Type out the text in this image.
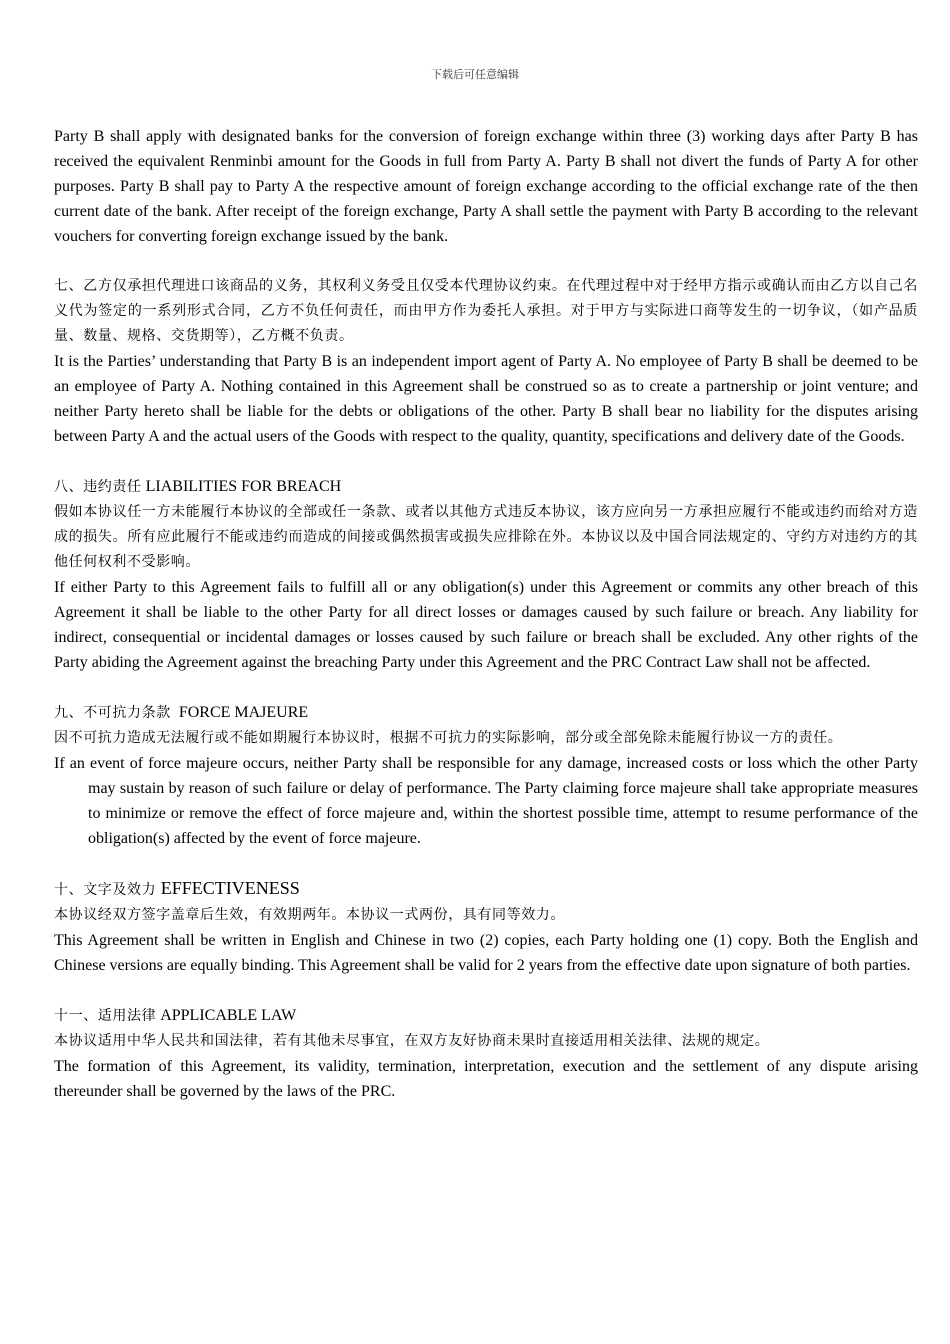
下载后可任意编辑

Party B shall apply with designated banks for the conversion of foreign exchange within three (3) working days after Party B has received the equivalent Renminbi amount for the Goods in full from Party A. Party B shall not divert the funds of Party A for other purposes. Party B shall pay to Party A the respective amount of foreign exchange according to the official exchange rate of the then current date of the bank. After receipt of the foreign exchange, Party A shall settle the payment with Party B according to the relevant vouchers for converting foreign exchange issued by the bank.

七、乙方仅承担代理进口该商品的义务，其权利义务受且仅受本代理协议约束。在代理过程中对于经甲方指示或确认而由乙方以自己名义代为签定的一系列形式合同，乙方不负任何责任，而由甲方作为委托人承担。对于甲方与实际进口商等发生的一切争议，（如产品质量、数量、规格、交货期等），乙方概不负责。

It is the Parties’ understanding that Party B is an independent import agent of Party A. No employee of Party B shall be deemed to be an employee of Party A. Nothing contained in this Agreement shall be construed so as to create a partnership or joint venture; and neither Party hereto shall be liable for the debts or obligations of the other. Party B shall bear no liability for the disputes arising between Party A and the actual users of the Goods with respect to the quality, quantity, specifications and delivery date of the Goods.

八、违约责任 LIABILITIES FOR BREACH

假如本协议任一方未能履行本协议的全部或任一条款、或者以其他方式违反本协议，该方应向另一方承担应履行不能或违约而给对方造成的损失。所有应此履行不能或违约而造成的间接或偶然损害或损失应排除在外。本协议以及中国合同法规定的、守约方对违约方的其他任何权利不受影响。

If either Party to this Agreement fails to fulfill all or any obligation(s) under this Agreement or commits any other breach of this Agreement it shall be liable to the other Party for all direct losses or damages caused by such failure or breach. Any liability for indirect, consequential or incidental damages or losses caused by such failure or breach shall be excluded. Any other rights of the Party abiding the Agreement against the breaching Party under this Agreement and the PRC Contract Law shall not be affected.

九、不可抗力条款  FORCE MAJEURE

因不可抗力造成无法履行或不能如期履行本协议时，根据不可抗力的实际影响，部分或全部免除未能履行协议一方的责任。

If an event of force majeure occurs, neither Party shall be responsible for any damage, increased costs or loss which the other Party may sustain by reason of such failure or delay of performance. The Party claiming force majeure shall take appropriate measures to minimize or remove the effect of force majeure and, within the shortest possible time, attempt to resume performance of the obligation(s) affected by the event of force majeure.

十、文字及效力 EFFECTIVENESS

本协议经双方签字盖章后生效，有效期两年。本协议一式两份，具有同等效力。

This Agreement shall be written in English and Chinese in two (2) copies, each Party holding one (1) copy. Both the English and Chinese versions are equally binding. This Agreement shall be valid for 2 years from the effective date upon signature of both parties.

十一、适用法律 APPLICABLE LAW

本协议适用中华人民共和国法律，若有其他未尽事宜，在双方友好协商未果时直接适用相关法律、法规的规定。

The formation of this Agreement, its validity, termination, interpretation, execution and the settlement of any dispute arising thereunder shall be governed by the laws of the PRC.
